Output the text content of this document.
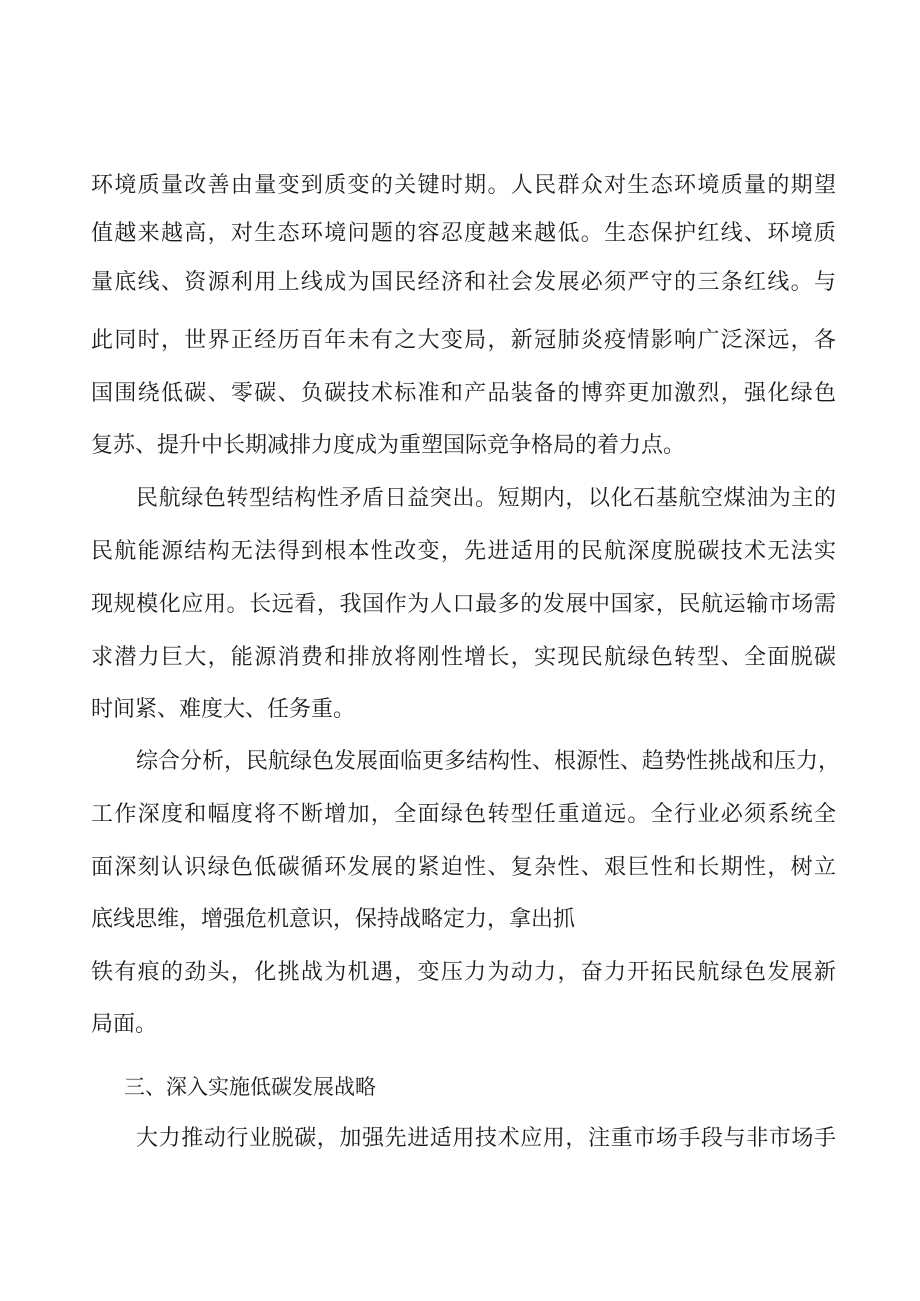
环境质量改善由量变到质变的关键时期。人民群众对生态环境质量的期望
值越来越高，对生态环境问题的容忍度越来越低。生态保护红线、环境质
量底线、资源利用上线成为国民经济和社会发展必须严守的三条红线。与
此同时，世界正经历百年未有之大变局，新冠肺炎疫情影响广泛深远，各
国围绕低碳、零碳、负碳技术标准和产品装备的博弈更加激烈，强化绿色
复苏、提升中长期减排力度成为重塑国际竞争格局的着力点。
民航绿色转型结构性矛盾日益突出。短期内，以化石基航空煤油为主的
民航能源结构无法得到根本性改变，先进适用的民航深度脱碳技术无法实
现规模化应用。长远看，我国作为人口最多的发展中国家，民航运输市场需
求潜力巨大，能源消费和排放将刚性增长，实现民航绿色转型、全面脱碳
时间紧、难度大、任务重。
综合分析，民航绿色发展面临更多结构性、根源性、趋势性挑战和压力，
工作深度和幅度将不断增加，全面绿色转型任重道远。全行业必须系统全
面深刻认识绿色低碳循环发展的紧迫性、复杂性、艰巨性和长期性，树立
底线思维，增强危机意识，保持战略定力，拿出抓
铁有痕的劲头，化挑战为机遇，变压力为动力，奋力开拓民航绿色发展新
局面。
三、深入实施低碳发展战略
大力推动行业脱碳，加强先进适用技术应用，注重市场手段与非市场手
